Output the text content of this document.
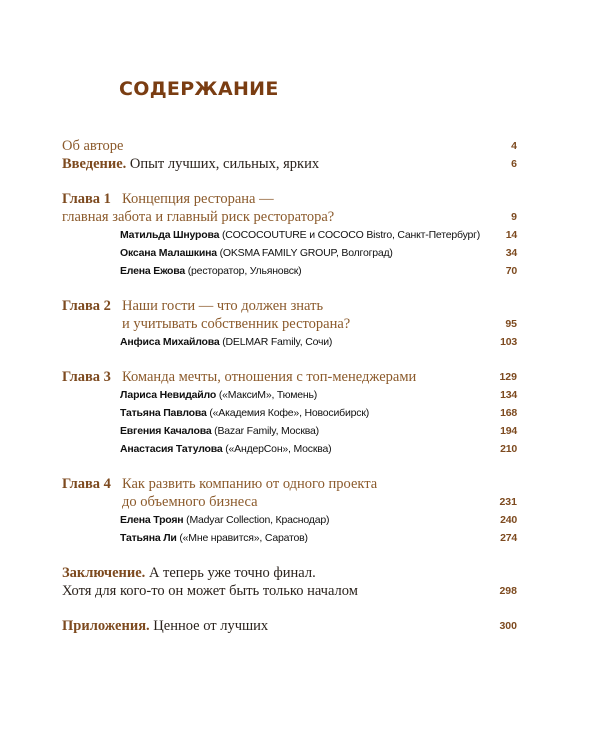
СОДЕРЖАНИЕ
Об авторе	4
Введение. Опыт лучших, сильных, ярких	6
Глава 1 Концепция ресторана —
главная забота и главный риск ресторатора?	9
Матильда Шнурова (COCOCOUTURE и COCOCO Bistro, Санкт-Петербург) 14
Оксана Малашкина (OKSMA FAMILY GROUP, Волгоград)	34
Елена Ежова (ресторатор, Ульяновск)	70
Глава 2 Наши гости — что должен знать
и учитывать собственник ресторана?	95
Анфиса Михайлова (DELMAR Family, Сочи)	103
Глава 3 Команда мечты, отношения с топ-менеджерами	129
Лариса Невидайло («МаксиМ», Тюмень)	134
Татьяна Павлова («Академия Кофе», Новосибирск)	168
Евгения Качалова (Bazar Family, Москва)	194
Анастасия Татулова («АндерСон», Москва)	210
Глава 4 Как развить компанию от одного проекта
до объемного бизнеса	231
Елена Троян (Madyar Collection, Краснодар)	240
Татьяна Ли («Мне нравится», Саратов)	274
Заключение. А теперь уже точно финал.
Хотя для кого-то он может быть только началом	298
Приложения. Ценное от лучших	300
